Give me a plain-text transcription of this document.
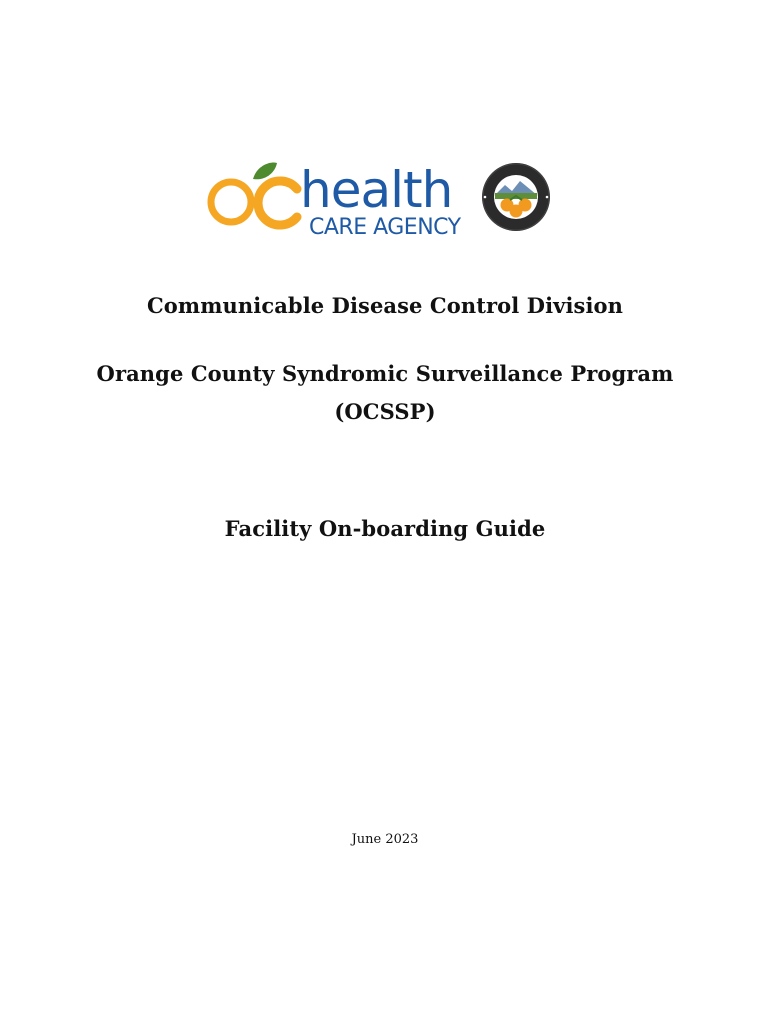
health
CARE AGENCY
Communicable Disease Control Division
Orange County Syndromic Surveillance Program
(OCSSP)
Facility On-boarding Guide
June 2023
